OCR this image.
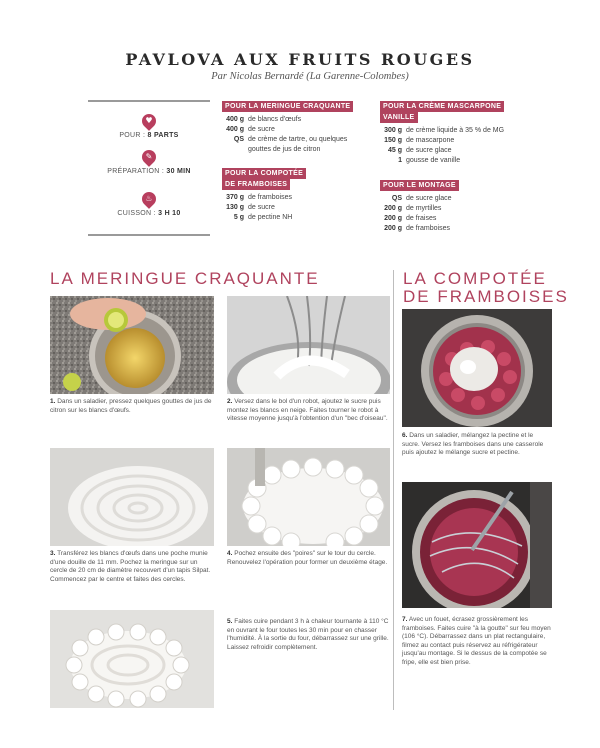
PAVLOVA AUX FRUITS ROUGES
Par Nicolas Bernardé (La Garenne-Colombes)
♥
POUR : 8 PARTS
✎
PRÉPARATION : 30 MIN
♨
CUISSON : 3 H 10
POUR LA MERINGUE CRAQUANTE
400 g de blancs d'œufs
400 g de sucre
QS de crème de tartre, ou quelques gouttes de jus de citron
POUR LA COMPOTÉE
DE FRAMBOISES
370 g de framboises
130 g de sucre
5 g de pectine NH
POUR LA CRÈME MASCARPONE
VANILLE
300 g de crème liquide à 35 % de MG
150 g de mascarpone
45 g de sucre glace
1 gousse de vanille
POUR LE MONTAGE
QS de sucre glace
200 g de myrtilles
200 g de fraises
200 g de framboises
LA MERINGUE CRAQUANTE	LA COMPOTÉE
DE FRAMBOISES
1. Dans un saladier, pressez quelques gouttes de jus de citron sur les blancs d'œufs.
2. Versez dans le bol d'un robot, ajoutez le sucre puis montez les blancs en neige. Faites tourner le robot à vitesse moyenne jusqu'à l'obtention d'un "bec d'oiseau".
3. Transférez les blancs d'œufs dans une poche munie d'une douille de 11 mm. Pochez la meringue sur un cercle de 20 cm de diamètre recouvert d'un tapis Silpat. Commencez par le centre et faites des cercles.
4. Pochez ensuite des "poires" sur le tour du cercle. Renouvelez l'opération pour former un deuxième étage.
5. Faites cuire pendant 3 h à chaleur tournante à 110 °C en ouvrant le four toutes les 30 min pour en chasser l'humidité. À la sortie du four, débarrassez sur une grille. Laissez refroidir complètement.
6. Dans un saladier, mélangez la pectine et le sucre. Versez les framboises dans une casserole puis ajoutez le mélange sucre et pectine.
7. Avec un fouet, écrasez grossièrement les framboises. Faites cuire "à la goutte" sur feu moyen (106 °C). Débarrassez dans un plat rectangulaire, filmez au contact puis réservez au réfrigérateur jusqu'au montage. Si le dessus de la compotée se fripe, elle est bien prise.
